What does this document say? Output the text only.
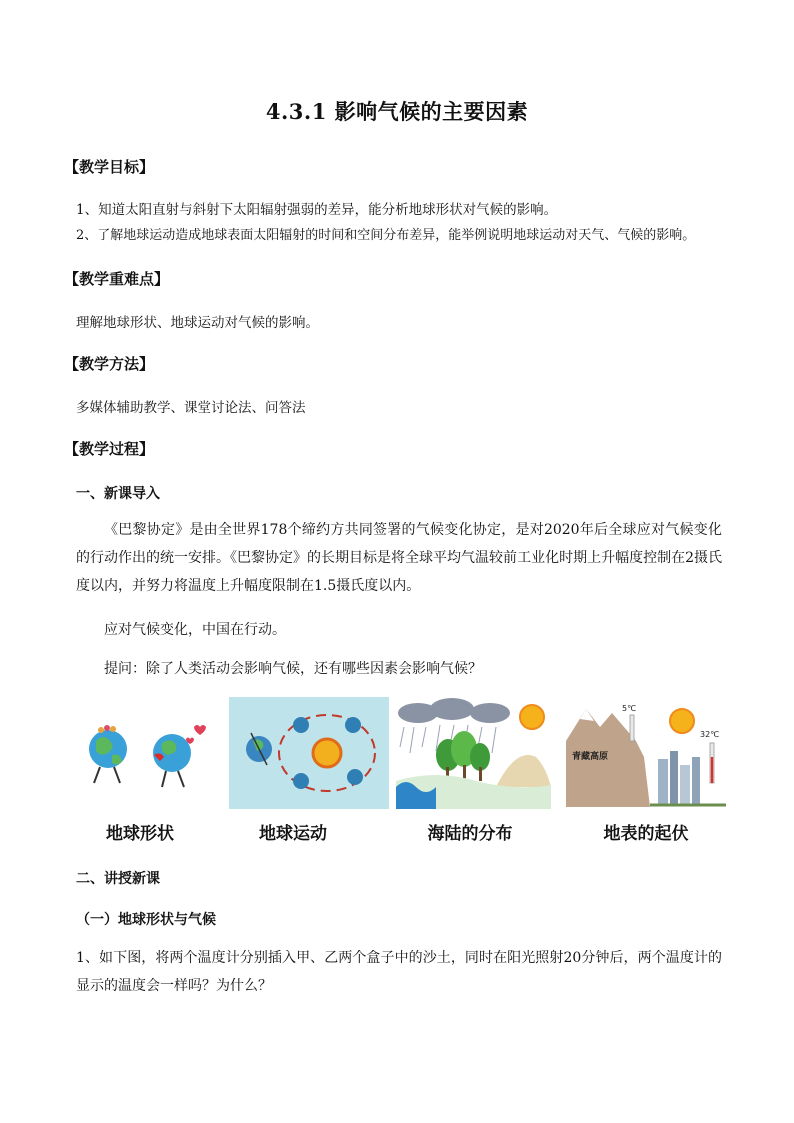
4.3.1 影响气候的主要因素
【教学目标】
1、知道太阳直射与斜射下太阳辐射强弱的差异，能分析地球形状对气候的影响。
2、了解地球运动造成地球表面太阳辐射的时间和空间分布差异，能举例说明地球运动对天气、气候的影响。
【教学重难点】
理解地球形状、地球运动对气候的影响。
【教学方法】
多媒体辅助教学、课堂讨论法、问答法
【教学过程】
一、新课导入
《巴黎协定》是由全世界178个缔约方共同签署的气候变化协定，是对2020年后全球应对气候变化的行动作出的统一安排。《巴黎协定》的长期目标是将全球平均气温较前工业化时期上升幅度控制在2摄氏度以内，并努力将温度上升幅度限制在1.5摄氏度以内。
应对气候变化，中国在行动。
提问：除了人类活动会影响气候，还有哪些因素会影响气候？
青藏高原
5℃
32℃
地球形状	地球运动	海陆的分布	地表的起伏
二、讲授新课
（一）地球形状与气候
1、如下图，将两个温度计分别插入甲、乙两个盒子中的沙土，同时在阳光照射20分钟后，两个温度计的显示的温度会一样吗？为什么？
